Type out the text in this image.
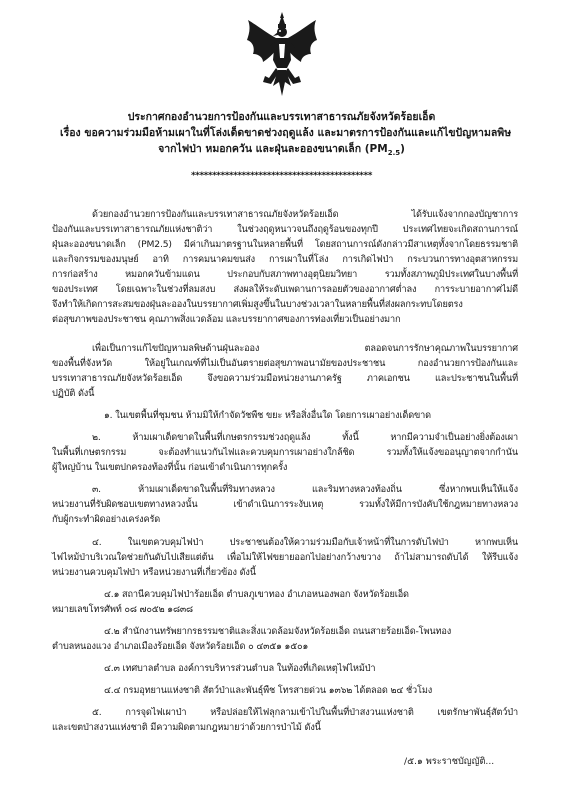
ประกาศกองอำนวยการป้องกันและบรรเทาสาธารณภัยจังหวัดร้อยเอ็ด
เรื่อง ขอความร่วมมือห้ามเผาในที่โล่งเด็ดขาดช่วงฤดูแล้ง และมาตรการป้องกันและแก้ไขปัญหามลพิษ
จากไฟป่า หมอกควัน และฝุ่นละอองขนาดเล็ก $(PM_{2.5})$
*******************************************
ด้วยกองอำนวยการป้องกันและบรรเทาสาธารณภัยจังหวัดร้อยเอ็ด ได้รับแจ้งจากกองบัญชาการ
ป้องกันและบรรเทาสาธารณภัยแห่งชาติว่า ในช่วงฤดูหนาวจนถึงฤดูร้อนของทุกปี ประเทศไทยจะเกิดสถานการณ์
ฝุ่นละอองขนาดเล็ก (PM2.5) มีค่าเกินมาตรฐานในหลายพื้นที่ โดยสถานการณ์ดังกล่าวมีสาเหตุทั้งจากโดยธรรมชาติ
และกิจกรรมของมนุษย์ อาทิ การคมนาคมขนส่ง การเผาในที่โล่ง การเกิดไฟป่า กระบวนการทางอุตสาหกรรม
การก่อสร้าง หมอกควันข้ามแดน ประกอบกับสภาพทางอุตุนิยมวิทยา รวมทั้งสภาพภูมิประเทศในบางพื้นที่
ของประเทศ โดยเฉพาะในช่วงที่ลมสงบ ส่งผลให้ระดับเพดานการลอยตัวของอากาศต่ำลง การระบายอากาศไม่ดี
จึงทำให้เกิดการสะสมของฝุ่นละอองในบรรยากาศเพิ่มสูงขึ้นในบางช่วงเวลาในหลายพื้นที่ส่งผลกระทบโดยตรง
ต่อสุขภาพของประชาชน คุณภาพสิ่งแวดล้อม และบรรยากาศของการท่องเที่ยวเป็นอย่างมาก
เพื่อเป็นการแก้ไขปัญหามลพิษด้านฝุ่นละออง ตลอดจนการรักษาคุณภาพในบรรยากาศ
ของพื้นที่จังหวัด ให้อยู่ในเกณฑ์ที่ไม่เป็นอันตรายต่อสุขภาพอนามัยของประชาชน กองอำนวยการป้องกันและ
บรรเทาสาธารณภัยจังหวัดร้อยเอ็ด จึงขอความร่วมมือหน่วยงานภาครัฐ ภาคเอกชน และประชาชนในพื้นที่
ปฏิบัติ ดังนี้
๑. ในเขตพื้นที่ชุมชน ห้ามมิให้กำจัดวัชพืช ขยะ หรือสิ่งอื่นใด โดยการเผาอย่างเด็ดขาด
๒. ห้ามเผาเด็ดขาดในพื้นที่เกษตรกรรมช่วงฤดูแล้ง ทั้งนี้ หากมีความจำเป็นอย่างยิ่งต้องเผา
ในพื้นที่เกษตรกรรม จะต้องทำแนวกันไฟและควบคุมการเผาอย่างใกล้ชิด รวมทั้งให้แจ้งขออนุญาตจากกำนัน
ผู้ใหญ่บ้าน ในเขตปกครองท้องที่นั้น ก่อนเข้าดำเนินการทุกครั้ง
๓. ห้ามเผาเด็ดขาดในพื้นที่ริมทางหลวง และริมทางหลวงท้องถิ่น ซึ่งหากพบเห็นให้แจ้ง
หน่วยงานที่รับผิดชอบเขตทางหลวงนั้น เข้าดำเนินการระงับเหตุ รวมทั้งให้มีการบังคับใช้กฎหมายทางหลวง
กับผู้กระทำผิดอย่างเคร่งครัด
๔. ในเขตควบคุมไฟป่า ประชาชนต้องให้ความร่วมมือกับเจ้าหน้าที่ในการดับไฟป่า หากพบเห็น
ไฟไหม้ป่าบริเวณใดช่วยกันดับไปเสียแต่ต้น เพื่อไม่ให้ไฟขยายออกไปอย่างกว้างขวาง ถ้าไม่สามารถดับได้ ให้รีบแจ้ง
หน่วยงานควบคุมไฟป่า หรือหน่วยงานที่เกี่ยวข้อง ดังนี้
๔.๑ สถานีควบคุมไฟป่าร้อยเอ็ด ตำบลภูเขาทอง อำเภอหนองพอก จังหวัดร้อยเอ็ด
หมายเลขโทรศัพท์ ๐๘ ๗๐๕๒ ๑๘๓๘
๔.๒ สำนักงานทรัพยากรธรรมชาติและสิ่งแวดล้อมจังหวัดร้อยเอ็ด ถนนสายร้อยเอ็ด-โพนทอง
ตำบลหนองแวง อำเภอเมืองร้อยเอ็ด จังหวัดร้อยเอ็ด ๐ ๔๓๕๑ ๑๕๐๑
๔.๓ เทศบาลตำบล องค์การบริหารส่วนตำบล ในท้องที่เกิดเหตุไฟไหม้ป่า
๔.๔ กรมอุทยานแห่งชาติ สัตว์ป่าและพันธุ์พืช โทรสายด่วน ๑๓๖๒ ได้ตลอด ๒๔ ชั่วโมง
๕. การจุดไฟเผาป่า หรือปล่อยให้ไฟลุกลามเข้าไปในพื้นที่ป่าสงวนแห่งชาติ เขตรักษาพันธุ์สัตว์ป่า
และเขตป่าสงวนแห่งชาติ มีความผิดตามกฎหมายว่าด้วยการป่าไม้ ดังนี้
/๕.๑ พระราชบัญญัติ...
